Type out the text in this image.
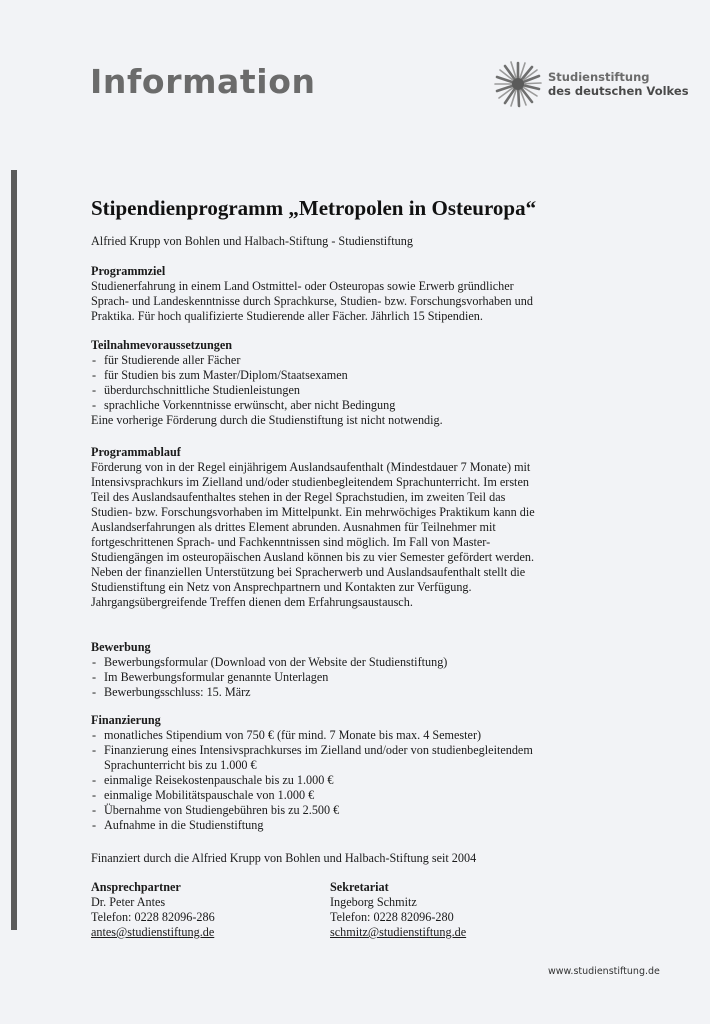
Information	Studienstiftung
des deutschen Volkes
Stipendienprogramm „Metropolen in Osteuropa“
Alfried Krupp von Bohlen und Halbach-Stiftung - Studienstiftung
Programmziel

Studienerfahrung in einem Land Ostmittel- oder Osteuropas sowie Erwerb gründlicher Sprach- und Landeskenntnisse durch Sprachkurse, Studien- bzw. Forschungsvorhaben und Praktika. Für hoch qualifizierte Studierende aller Fächer. Jährlich 15 Stipendien.

Teilnahmevoraussetzungen
- für Studierende aller Fächer
- für Studien bis zum Master/Diplom/Staatsexamen
- überdurchschnittliche Studienleistungen
- sprachliche Vorkenntnisse erwünscht, aber nicht Bedingung

Eine vorherige Förderung durch die Studienstiftung ist nicht notwendig.

Programmablauf

Förderung von in der Regel einjährigem Auslandsaufenthalt (Mindestdauer 7 Monate) mit Intensivsprachkurs im Zielland und/oder studienbegleitendem Sprachunterricht. Im ersten Teil des Auslandsaufenthaltes stehen in der Regel Sprachstudien, im zweiten Teil das Studien- bzw. Forschungsvorhaben im Mittelpunkt. Ein mehrwöchiges Praktikum kann die Auslandserfahrungen als drittes Element abrunden. Ausnahmen für Teilnehmer mit fortgeschrittenen Sprach- und Fachkenntnissen sind möglich. Im Fall von Master-Studiengängen im osteuropäischen Ausland können bis zu vier Semester gefördert werden. Neben der finanziellen Unterstützung bei Spracherwerb und Auslandsaufenthalt stellt die Studienstiftung ein Netz von Ansprechpartnern und Kontakten zur Verfügung. Jahrgangsübergreifende Treffen dienen dem Erfahrungsaustausch.

Bewerbung
- Bewerbungsformular (Download von der Website der Studienstiftung)
- Im Bewerbungsformular genannte Unterlagen
- Bewerbungsschluss: 15. März
Finanzierung
- monatliches Stipendium von 750 € (für mind. 7 Monate bis max. 4 Semester)
- Finanzierung eines Intensivsprachkurses im Zielland und/oder von studienbegleitendem Sprachunterricht bis zu 1.000 €
- einmalige Reisekostenpauschale bis zu 1.000 €
- einmalige Mobilitätspauschale von 1.000 €
- Übernahme von Studiengebühren bis zu 2.500 €
- Aufnahme in die Studienstiftung
Finanziert durch die Alfried Krupp von Bohlen und Halbach-Stiftung seit 2004
Ansprechpartner
Dr. Peter Antes
Telefon: 0228 82096-286
antes@studienstiftung.de
Sekretariat
Ingeborg Schmitz
Telefon: 0228 82096-280
schmitz@studienstiftung.de
www.studienstiftung.de
